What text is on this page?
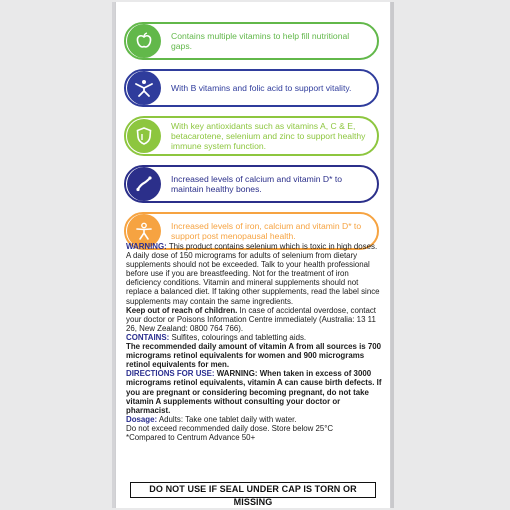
Contains multiple vitamins to help fill nutritional gaps.
With B vitamins and folic acid to support vitality.
With key antioxidants such as vitamins A, C & E, betacarotene, selenium and zinc to support healthy immune system function.
Increased levels of calcium and vitamin D* to maintain healthy bones.
Increased levels of iron, calcium and vitamin D* to support post menopausal health.

WARNING: This product contains selenium which is toxic in high doses. A daily dose of 150 micrograms for adults of selenium from dietary supplements should not be exceeded. Talk to your health professional before use if you are breastfeeding. Not for the treatment of iron deficiency conditions. Vitamin and mineral supplements should not replace a balanced diet. If taking other supplements, read the label since supplements may contain the same ingredients.

Keep out of reach of children. In case of accidental overdose, contact your doctor or Poisons Information Centre immediately (Australia: 13 11 26, New Zealand: 0800 764 766).

CONTAINS: Sulfites, colourings and tabletting aids.

The recommended daily amount of vitamin A from all sources is 700 micrograms retinol equivalents for women and 900 micrograms retinol equivalents for men.

DIRECTIONS FOR USE: WARNING: When taken in excess of 3000 micrograms retinol equivalents, vitamin A can cause birth defects. If you are pregnant or considering becoming pregnant, do not take vitamin A supplements without consulting your doctor or pharmacist.

Dosage: Adults: Take one tablet daily with water.

Do not exceed recommended daily dose. Store below 25°C

*Compared to Centrum Advance 50+

DO NOT USE IF SEAL UNDER CAP IS TORN OR MISSING
